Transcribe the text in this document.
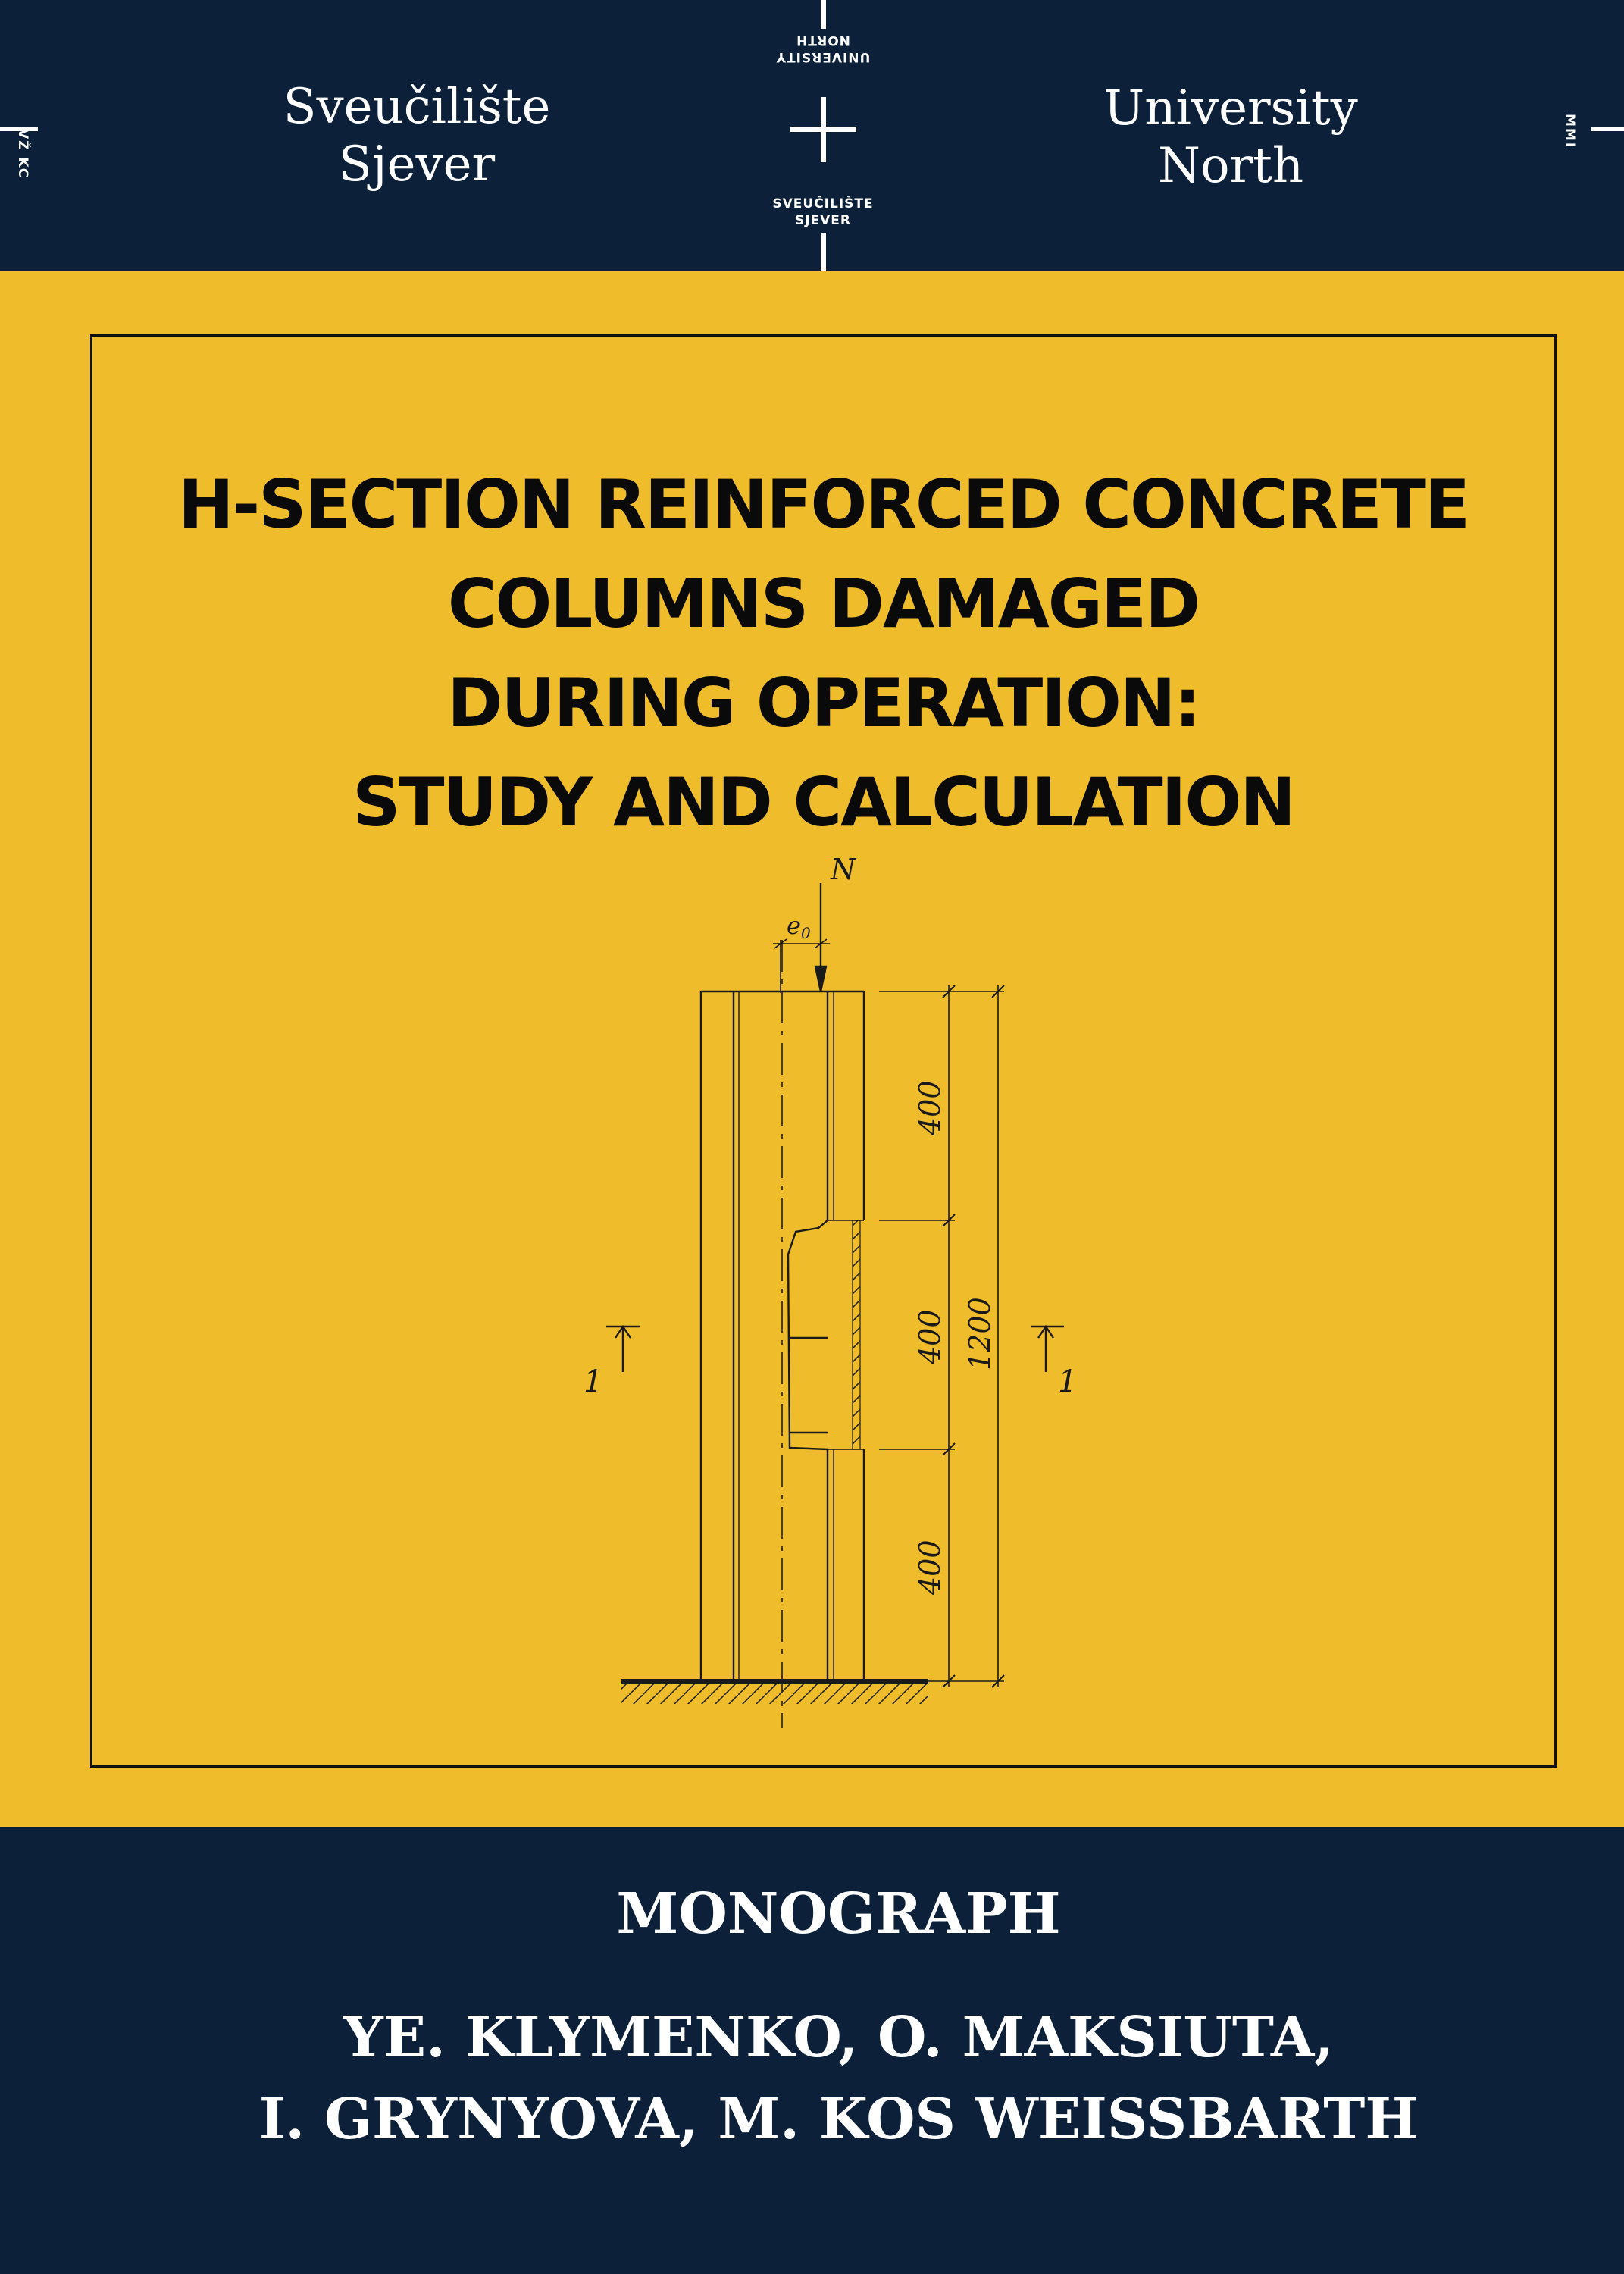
VŽ KC
Sveučilište
Sjever
UNIVERSITY
NORTH
SVEUČILIŠTE
SJEVER
University
North
MMI
H-SECTION REINFORCED CONCRETE
COLUMNS DAMAGED
DURING OPERATION:
STUDY AND CALCULATION
N
e0
400
400
400
1200
1	1
MONOGRAPH
YE. KLYMENKO, O. MAKSIUTA,
I. GRYNYOVA, M. KOS WEISSBARTH
